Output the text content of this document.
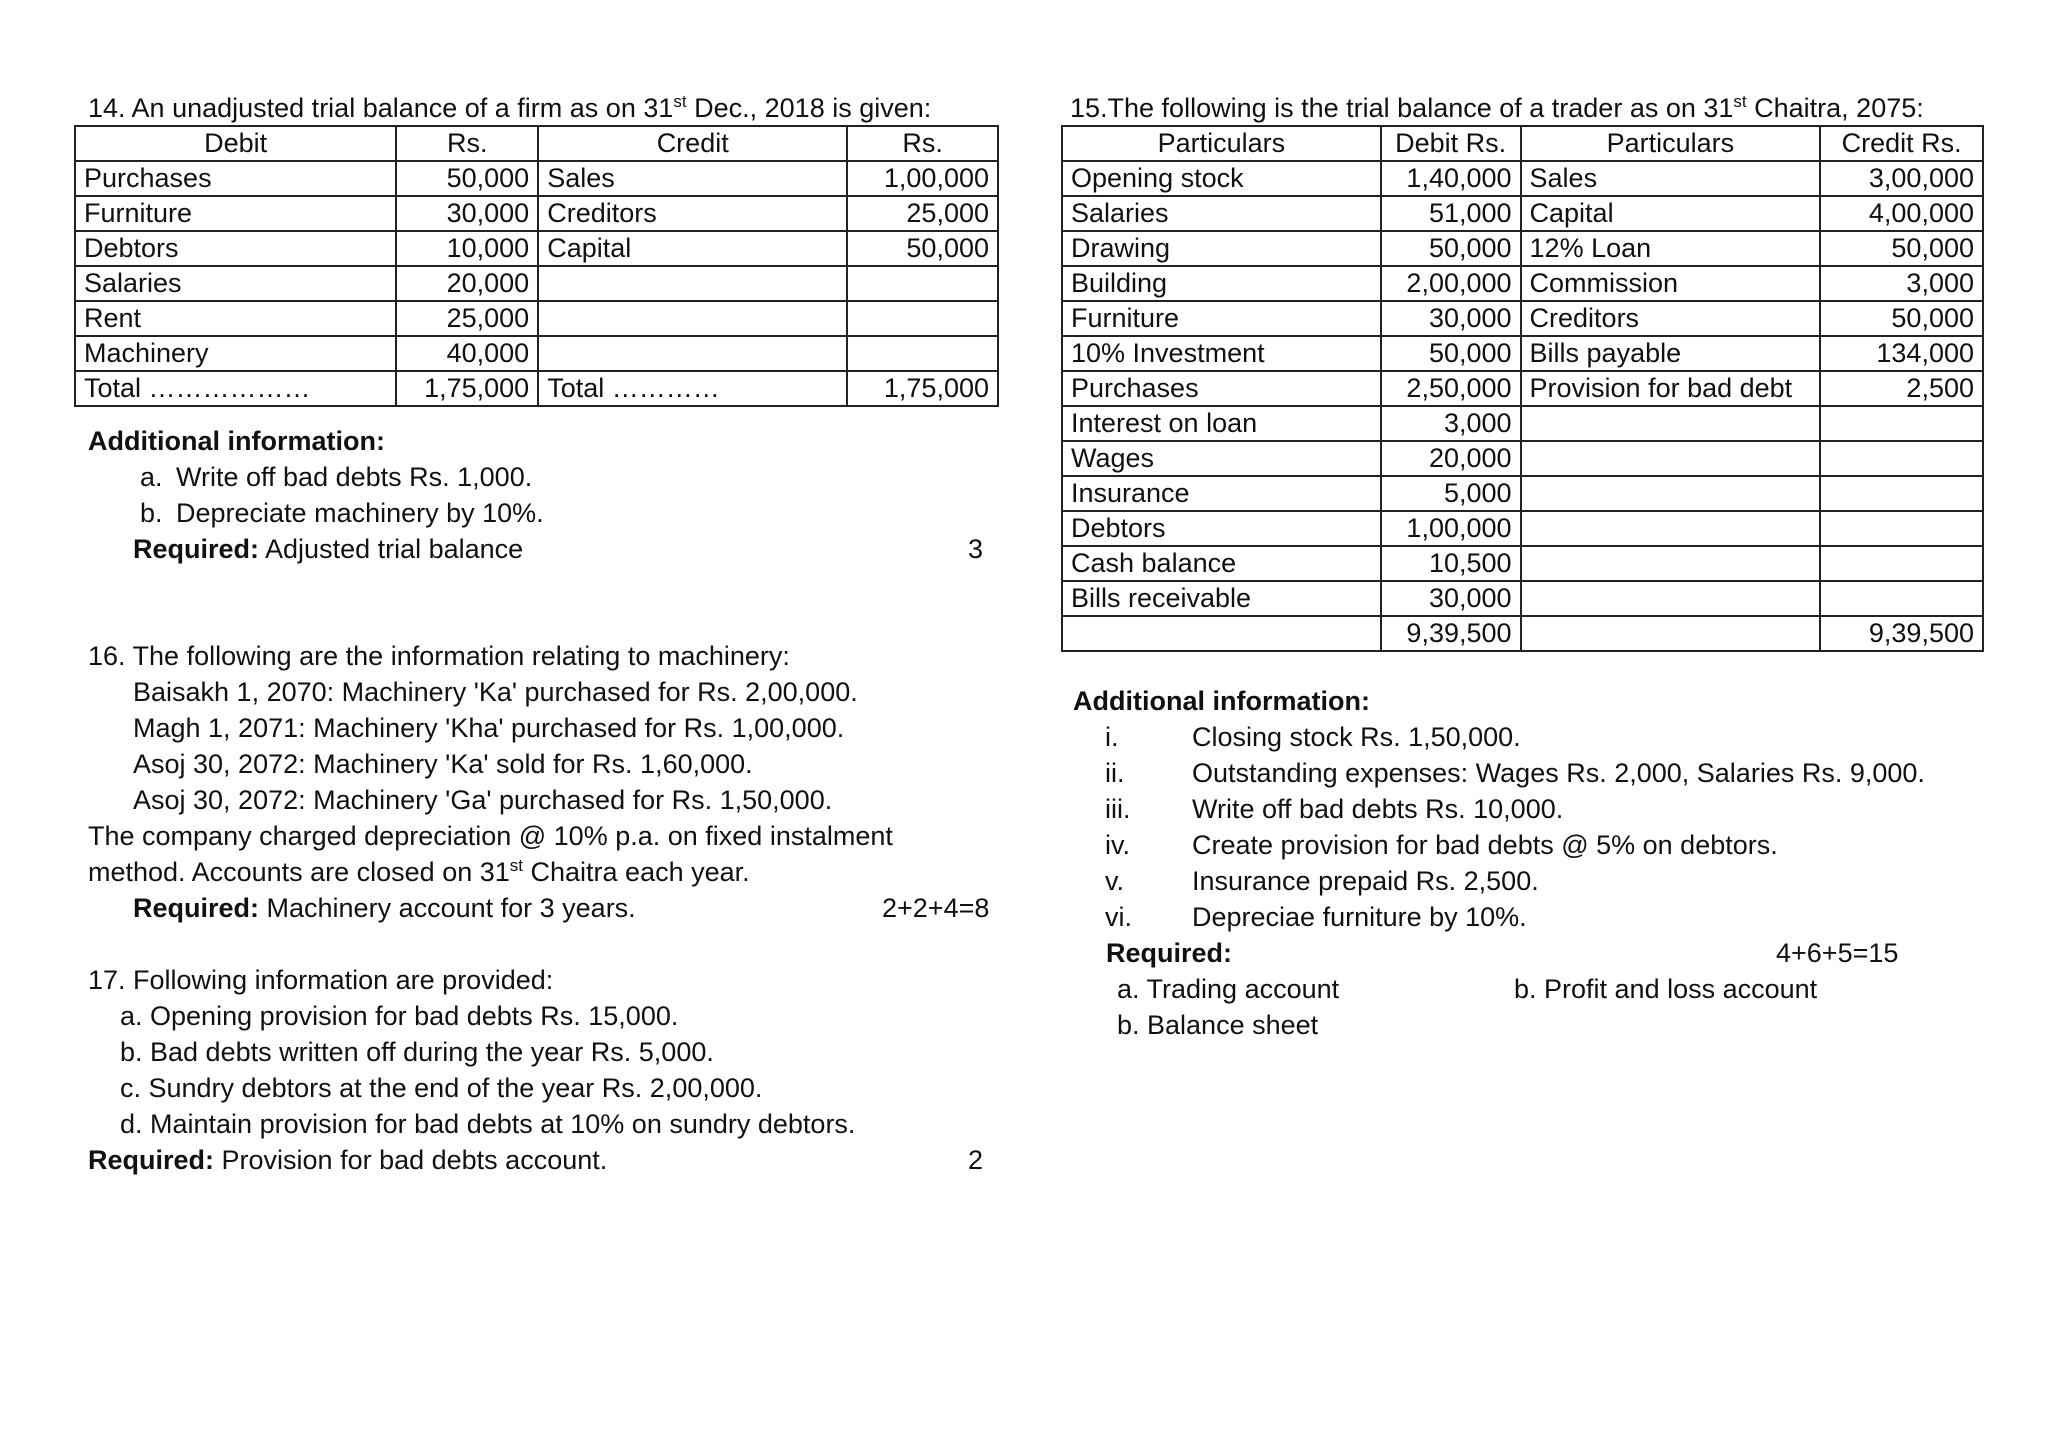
14. An unadjusted trial balance of a firm as on 31st Dec., 2018 is given:
Debit	Rs.	Credit	Rs.
Purchases	50,000	Sales	1,00,000
Furniture	30,000	Creditors	25,000
Debtors	10,000	Capital	50,000
Salaries	20,000		
Rent	25,000		
Machinery	40,000		
Total ………………	1,75,000	Total …………	1,75,000
Additional information:
a. Write off bad debts Rs. 1,000.
b. Depreciate machinery by 10%.
Required: Adjusted trial balance	3
16. The following are the information relating to machinery:
Baisakh 1, 2070: Machinery 'Ka' purchased for Rs. 2,00,000.
Magh 1, 2071: Machinery 'Kha' purchased for Rs. 1,00,000.
Asoj 30, 2072: Machinery 'Ka' sold for Rs. 1,60,000.
Asoj 30, 2072: Machinery 'Ga' purchased for Rs. 1,50,000.
The company charged depreciation @ 10% p.a. on fixed instalment
method. Accounts are closed on 31st Chaitra each year.
Required: Machinery account for 3 years.	2+2+4=8
17. Following information are provided:
a. Opening provision for bad debts Rs. 15,000.
b. Bad debts written off during the year Rs. 5,000.
c. Sundry debtors at the end of the year Rs. 2,00,000.
d. Maintain provision for bad debts at 10% on sundry debtors.
Required: Provision for bad debts account.	2
15.The following is the trial balance of a trader as on 31st Chaitra, 2075:
Particulars	Debit Rs.	Particulars	Credit Rs.
Opening stock	1,40,000	Sales	3,00,000
Salaries	51,000	Capital	4,00,000
Drawing	50,000	12% Loan	50,000
Building	2,00,000	Commission	3,000
Furniture	30,000	Creditors	50,000
10% Investment	50,000	Bills payable	134,000
Purchases	2,50,000	Provision for bad debt	2,500
Interest on loan	3,000		
Wages	20,000		
Insurance	5,000		
Debtors	1,00,000		
Cash balance	10,500		
Bills receivable	30,000		
	9,39,500		9,39,500
Additional information:
i.	Closing stock Rs. 1,50,000.
ii.	Outstanding expenses: Wages Rs. 2,000, Salaries Rs. 9,000.
iii. Write off bad debts Rs. 10,000.
iv. Create provision for bad debts @ 5% on debtors.
v.	Insurance prepaid Rs. 2,500.
vi. Depreciae furniture by 10%.
Required:	4+6+5=15
a. Trading account	b. Profit and loss account
b. Balance sheet
